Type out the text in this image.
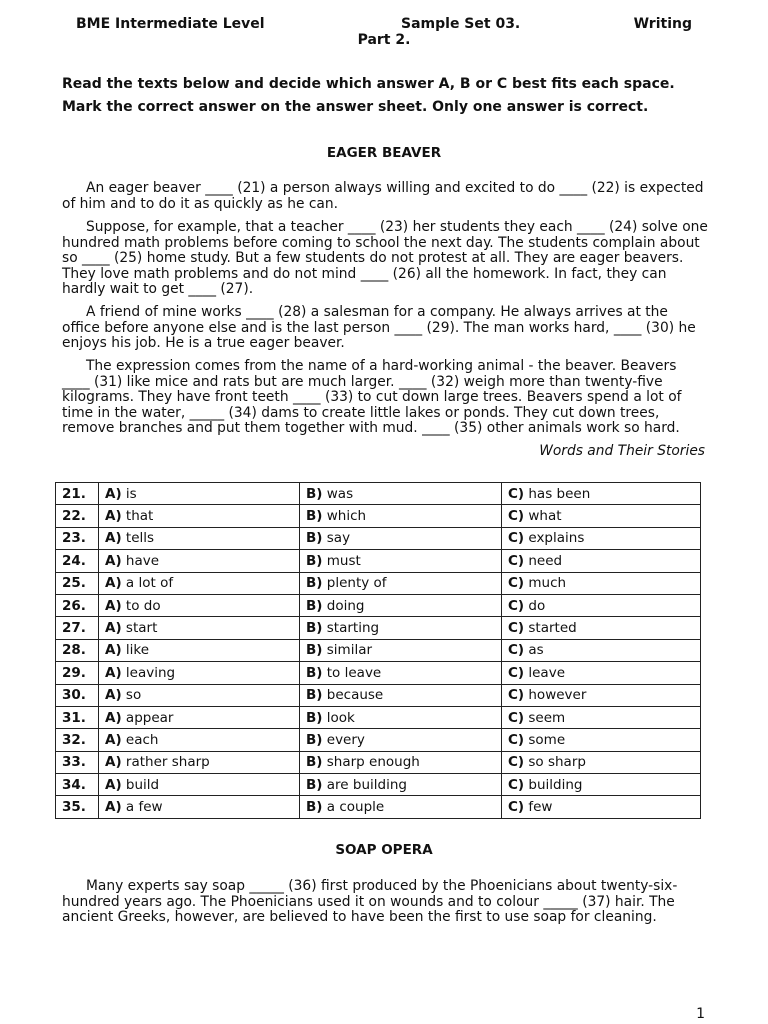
BME Intermediate Level	Sample Set 03.	Writing
Part 2.
Read the texts below and decide which answer A, B or C best fits each space.
Mark the correct answer on the answer sheet. Only one answer is correct.
EAGER BEAVER

An eager beaver ____ (21) a person always willing and excited to do ____ (22) is expected of him and to do it as quickly as he can.

Suppose, for example, that a teacher ____ (23) her students they each ____ (24) solve one hundred math problems before coming to school the next day. The students complain about so ____ (25) home study. But a few students do not protest at all. They are eager beavers. They love math problems and do not mind ____ (26) all the homework. In fact, they can hardly wait to get ____ (27).

A friend of mine works ____ (28) a salesman for a company. He always arrives at the office before anyone else and is the last person ____ (29). The man works hard, ____ (30) he enjoys his job. He is a true eager beaver.

The expression comes from the name of a hard-working animal - the beaver. Beavers ____ (31) like mice and rats but are much larger. ____ (32) weigh more than twenty-five kilograms. They have front teeth ____ (33) to cut down large trees. Beavers spend a lot of time in the water, _____ (34) dams to create little lakes or ponds. They cut down trees, remove branches and put them together with mud. ____ (35) other animals work so hard.

Words and Their Stories
21.	A) is	B) was	C) has been
22.	A) that	B) which	C) what
23.	A) tells	B) say	C) explains
24.	A) have	B) must	C) need
25.	A) a lot of	B) plenty of	C) much
26.	A) to do	B) doing	C) do
27.	A) start	B) starting	C) started
28.	A) like	B) similar	C) as
29.	A) leaving	B) to leave	C) leave
30.	A) so	B) because	C) however
31.	A) appear	B) look	C) seem
32.	A) each	B) every	C) some
33.	A) rather sharp	B) sharp enough	C) so sharp
34.	A) build	B) are building	C) building
35.	A) a few	B) a couple	C) few
SOAP OPERA

Many experts say soap _____ (36) first produced by the Phoenicians about twenty-six-hundred years ago. The Phoenicians used it on wounds and to colour _____ (37) hair. The ancient Greeks, however, are believed to have been the first to use soap for cleaning.

1
